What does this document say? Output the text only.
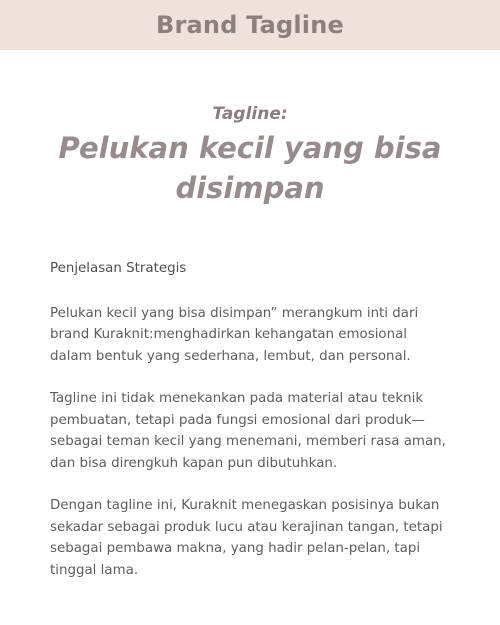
Brand Tagline
Tagline:
Pelukan kecil yang bisa disimpan
Penjelasan Strategis

Pelukan kecil yang bisa disimpan” merangkum inti dari brand Kuraknit:menghadirkan kehangatan emosional dalam bentuk yang sederhana, lembut, dan personal.

Tagline ini tidak menekankan pada material atau teknik pembuatan, tetapi pada fungsi emosional dari produk—sebagai teman kecil yang menemani, memberi rasa aman, dan bisa direngkuh kapan pun dibutuhkan.

Dengan tagline ini, Kuraknit menegaskan posisinya bukan sekadar sebagai produk lucu atau kerajinan tangan, tetapi sebagai pembawa makna, yang hadir pelan-pelan, tapi tinggal lama.
